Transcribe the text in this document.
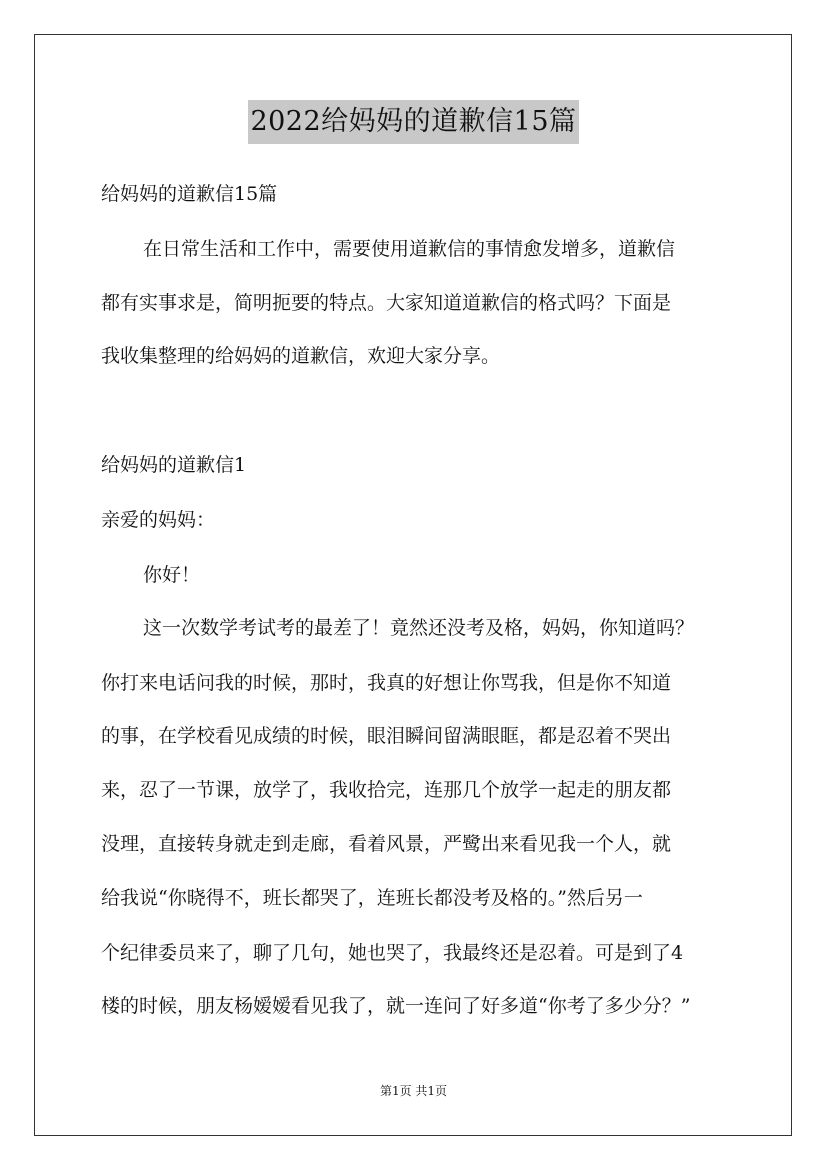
2022给妈妈的道歉信15篇

给妈妈的道歉信15篇

在日常生活和工作中，需要使用道歉信的事情愈发增多，道歉信

都有实事求是，简明扼要的特点。大家知道道歉信的格式吗？下面是

我收集整理的给妈妈的道歉信，欢迎大家分享。

给妈妈的道歉信1

亲爱的妈妈：

你好！

这一次数学考试考的最差了！竟然还没考及格，妈妈，你知道吗？

你打来电话问我的时候，那时，我真的好想让你骂我，但是你不知道

的事，在学校看见成绩的时候，眼泪瞬间留满眼眶，都是忍着不哭出

来，忍了一节课，放学了，我收拾完，连那几个放学一起走的朋友都

没理，直接转身就走到走廊，看着风景，严鹭出来看见我一个人，就

给我说“你晓得不，班长都哭了，连班长都没考及格的。”然后另一

个纪律委员来了，聊了几句，她也哭了，我最终还是忍着。可是到了4

楼的时候，朋友杨嫒嫒看见我了，就一连问了好多道“你考了多少分？”

第1页 共1页
